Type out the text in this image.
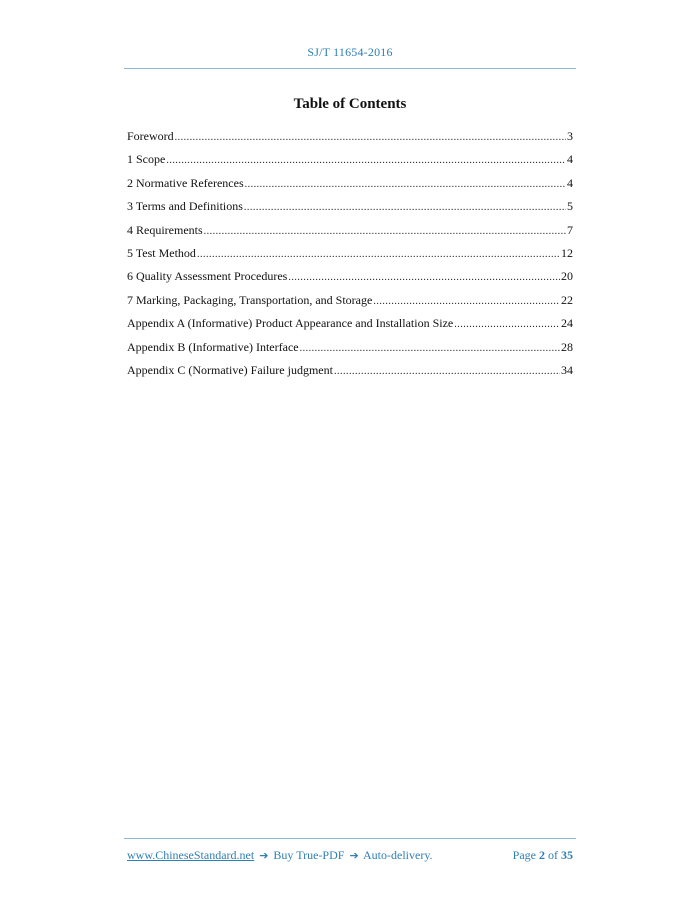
SJ/T 11654-2016
Table of Contents
Foreword .....	3
1 Scope .....	4
2 Normative References .....	4
3 Terms and Definitions .....	5
4 Requirements .....	7
5 Test Method .....	12
6 Quality Assessment Procedures .....	20
7 Marking, Packaging, Transportation, and Storage .....	22
Appendix A (Informative) Product Appearance and Installation Size .....	24
Appendix B (Informative) Interface .....	28
Appendix C (Normative) Failure judgment .....	34
www.ChineseStandard.net ➔ Buy True-PDF ➔ Auto-delivery.	Page 2 of 35
